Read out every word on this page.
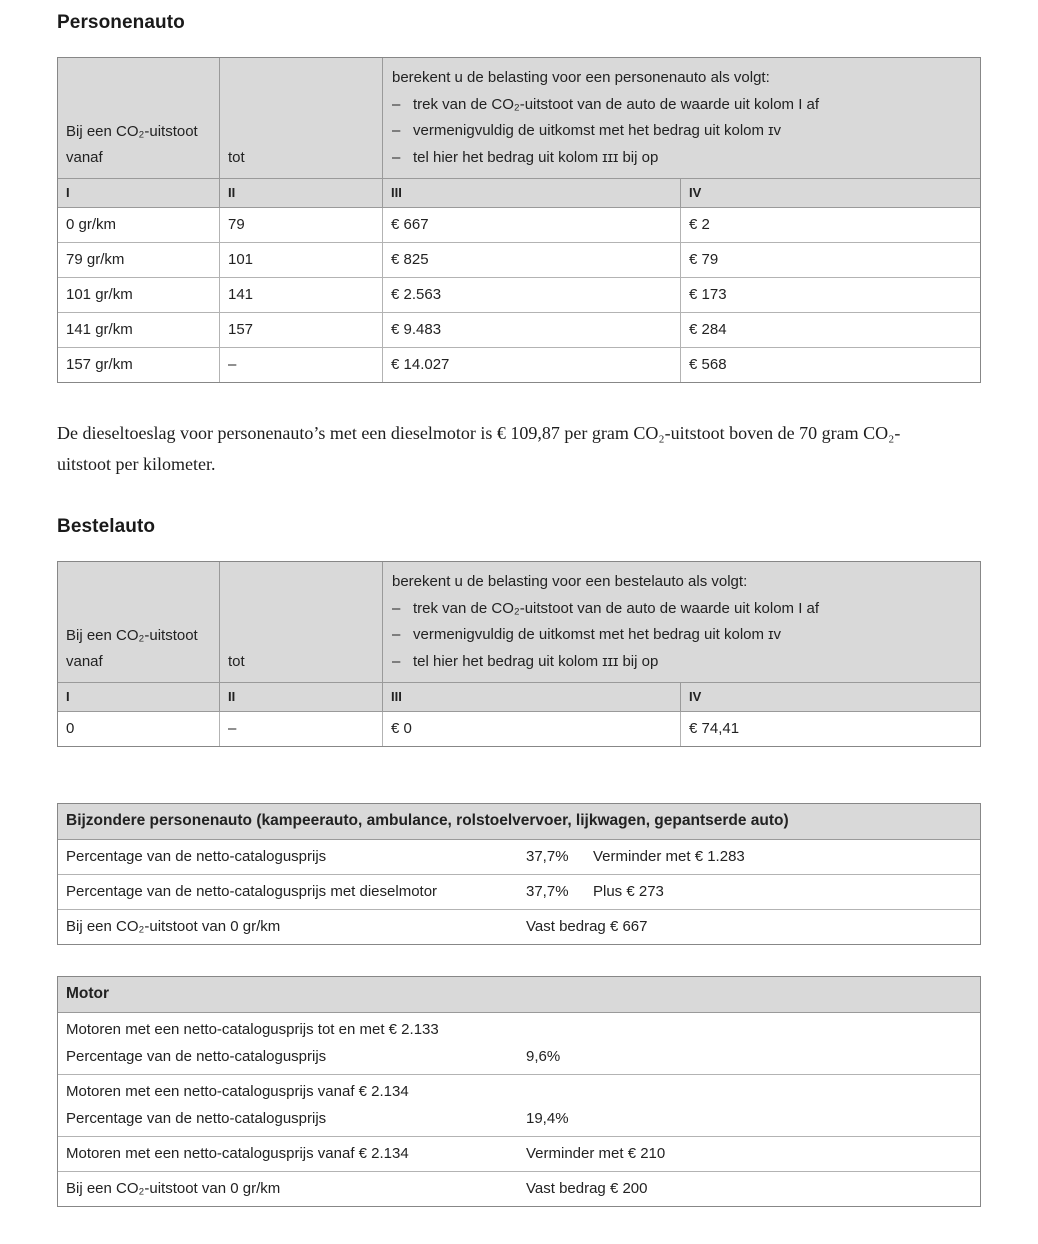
Personenauto
Bij een CO₂-uitstoot vanaf	tot
berekent u de belasting voor een personenauto als volgt:
– trek van de CO₂-uitstoot van de auto de waarde uit kolom I af
– vermenigvuldig de uitkomst met het bedrag uit kolom ɪᴠ
– tel hier het bedrag uit kolom ɪɪɪ bij op
I	II	III	IV
0 gr/km	79	€ 667	€ 2
79 gr/km	101	€ 825	€ 79
101 gr/km	141	€ 2.563	€ 173
141 gr/km	157	€ 9.483	€ 284
157 gr/km	–	€ 14.027	€ 568
De dieseltoeslag voor personenauto’s met een dieselmotor is € 109,87 per gram CO₂-uitstoot boven de 70 gram CO₂-uitstoot per kilometer.
Bestelauto
Bij een CO₂-uitstoot vanaf	tot
berekent u de belasting voor een bestelauto als volgt:
– trek van de CO₂-uitstoot van de auto de waarde uit kolom I af
– vermenigvuldig de uitkomst met het bedrag uit kolom ɪᴠ
– tel hier het bedrag uit kolom ɪɪɪ bij op
I	II	III	IV
0	–	€ 0	€ 74,41
Bijzondere personenauto (kampeerauto, ambulance, rolstoelvervoer, lijkwagen, gepantserde auto)
Percentage van de netto-catalogusprijs	37,7%	Verminder met € 1.283
Percentage van de netto-catalogusprijs met dieselmotor	37,7%	Plus € 273
Bij een CO₂-uitstoot van 0 gr/km	Vast bedrag € 667
Motor
Motoren met een netto-catalogusprijs tot en met € 2.133
Percentage van de netto-catalogusprijs	9,6%
Motoren met een netto-catalogusprijs vanaf € 2.134
Percentage van de netto-catalogusprijs	19,4%
Motoren met een netto-catalogusprijs vanaf € 2.134	Verminder met € 210
Bij een CO₂-uitstoot van 0 gr/km	Vast bedrag € 200
